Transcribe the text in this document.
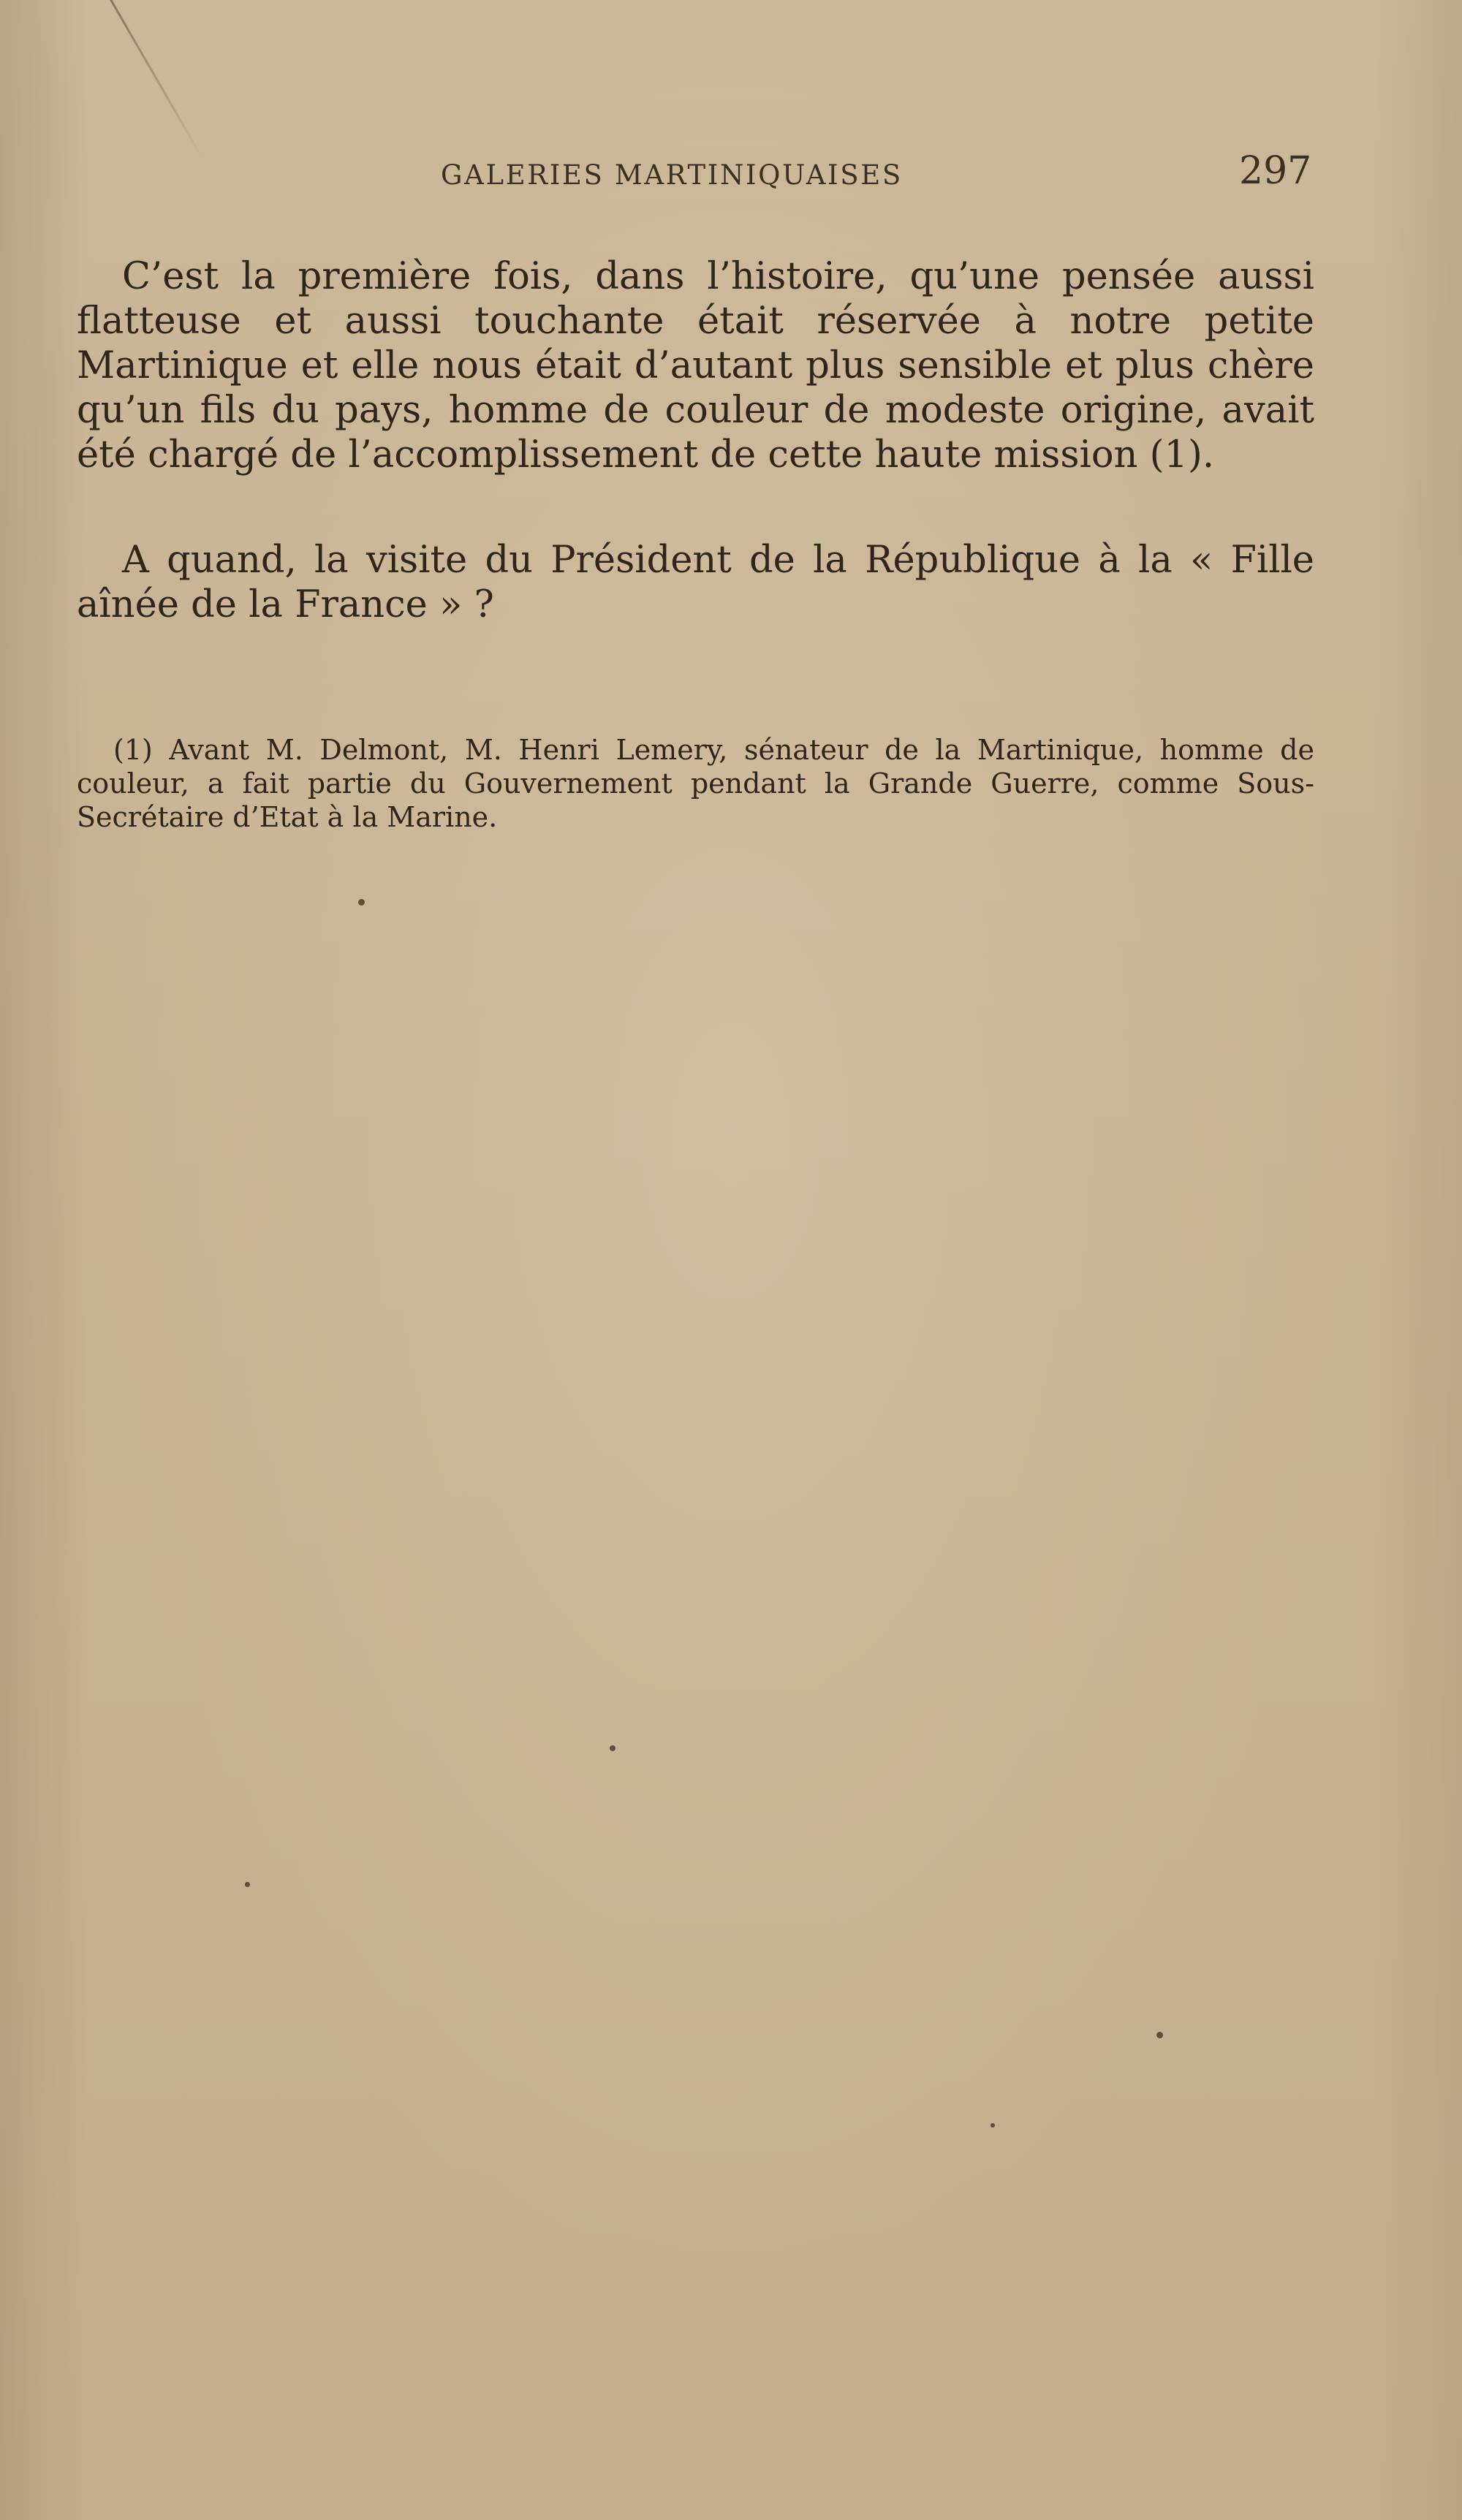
GALERIES MARTINIQUAISES	297

C’est la première fois, dans l’histoire, qu’une pensée aussi flatteuse et aussi touchante était réservée à notre petite Martinique et elle nous était d’autant plus sensible et plus chère qu’un fils du pays, homme de couleur de modeste origine, avait été chargé de l’accomplissement de cette haute mission (1).

A quand, la visite du Président de la République à la « Fille aînée de la France » ?

(1) Avant M. Delmont, M. Henri Lemery, sénateur de la Martinique, homme de couleur, a fait partie du Gouvernement pendant la Grande Guerre, comme Sous-Secrétaire d’Etat à la Marine.
